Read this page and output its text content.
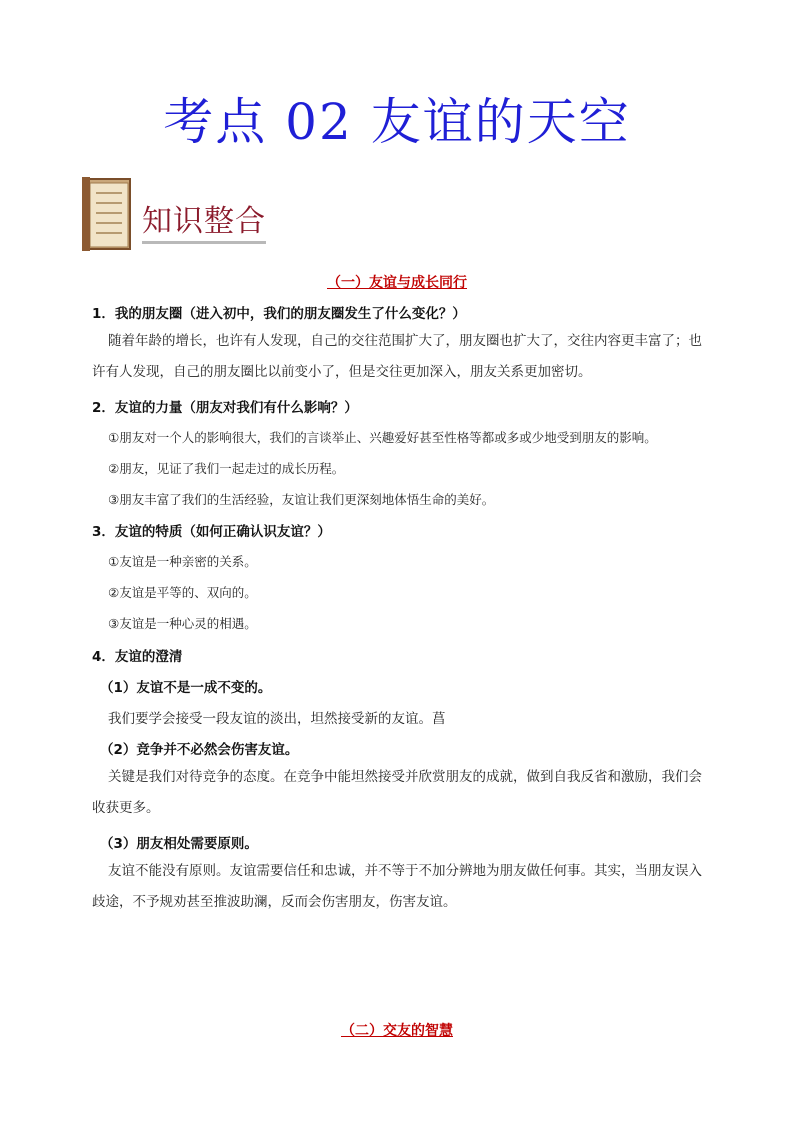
考点 02 友谊的天空
知识整合
（一）友谊与成长同行
1．我的朋友圈（进入初中，我们的朋友圈发生了什么变化？）
随着年龄的增长，也许有人发现，自己的交往范围扩大了，朋友圈也扩大了，交往内容更丰富了；也许有人发现，自己的朋友圈比以前变小了，但是交往更加深入，朋友关系更加密切。
2．友谊的力量（朋友对我们有什么影响？）
①朋友对一个人的影响很大，我们的言谈举止、兴趣爱好甚至性格等都或多或少地受到朋友的影响。
②朋友，见证了我们一起走过的成长历程。
③朋友丰富了我们的生活经验，友谊让我们更深刻地体悟生命的美好。
3．友谊的特质（如何正确认识友谊？）
①友谊是一种亲密的关系。
②友谊是平等的、双向的。
③友谊是一种心灵的相遇。
4．友谊的澄清
（1）友谊不是一成不变的。
我们要学会接受一段友谊的淡出，坦然接受新的友谊。菖
（2）竞争并不必然会伤害友谊。
关键是我们对待竞争的态度。在竞争中能坦然接受并欣赏朋友的成就，做到自我反省和激励，我们会收获更多。
（3）朋友相处需要原则。
友谊不能没有原则。友谊需要信任和忠诚，并不等于不加分辨地为朋友做任何事。其实，当朋友误入歧途，不予规劝甚至推波助澜，反而会伤害朋友，伤害友谊。
（二）交友的智慧
